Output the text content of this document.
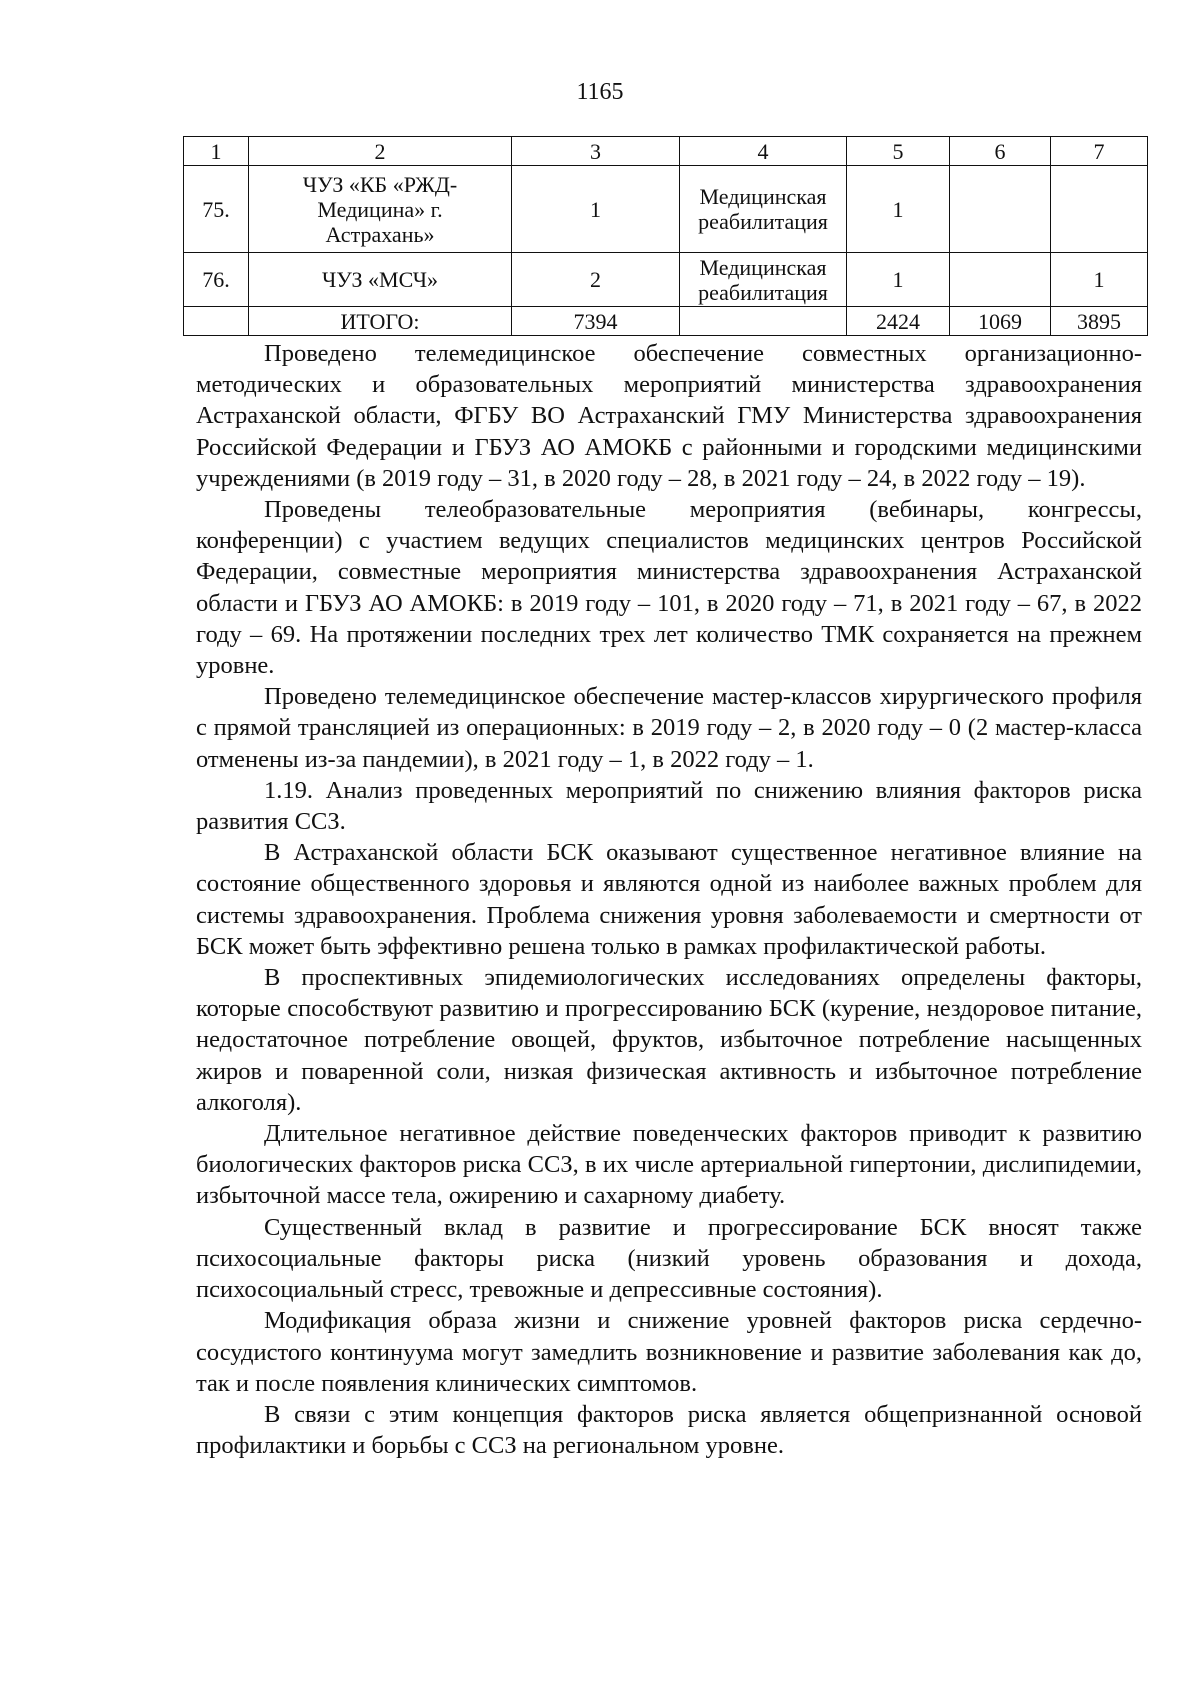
1165
1	2	3	4	5	6	7
75.	ЧУЗ «КБ «РЖД-Медицина» г. Астрахань»	1	Медицинская реабилитация	1		
76.	ЧУЗ «МСЧ»	2	Медицинская реабилитация	1		1
	ИТОГО:	7394		2424	1069	3895

Проведено телемедицинское обеспечение совместных организационно-методических и образовательных мероприятий министерства здравоохранения Астраханской области, ФГБУ ВО Астраханский ГМУ Министерства здравоохранения Российской Федерации и ГБУЗ АО АМОКБ с районными и городскими медицинскими учреждениями (в 2019 году – 31, в 2020 году – 28, в 2021 году – 24, в 2022 году – 19).

Проведены телеобразовательные мероприятия (вебинары, конгрессы, конференции) с участием ведущих специалистов медицинских центров Российской Федерации, совместные мероприятия министерства здравоохранения Астраханской области и ГБУЗ АО АМОКБ: в 2019 году – 101, в 2020 году – 71, в 2021 году – 67, в 2022 году – 69. На протяжении последних трех лет количество ТМК сохраняется на прежнем уровне.

Проведено телемедицинское обеспечение мастер-классов хирургического профиля с прямой трансляцией из операционных: в 2019 году – 2, в 2020 году – 0 (2 мастер-класса отменены из-за пандемии), в 2021 году – 1, в 2022 году – 1.

1.19. Анализ проведенных мероприятий по снижению влияния факторов риска развития ССЗ.

В Астраханской области БСК оказывают существенное негативное влияние на состояние общественного здоровья и являются одной из наиболее важных проблем для системы здравоохранения. Проблема снижения уровня заболеваемости и смертности от БСК может быть эффективно решена только в рамках профилактической работы.

В проспективных эпидемиологических исследованиях определены факторы, которые способствуют развитию и прогрессированию БСК (курение, нездоровое питание, недостаточное потребление овощей, фруктов, избыточное потребление насыщенных жиров и поваренной соли, низкая физическая активность и избыточное потребление алкоголя).

Длительное негативное действие поведенческих факторов приводит к развитию биологических факторов риска ССЗ, в их числе артериальной гипертонии, дислипидемии, избыточной массе тела, ожирению и сахарному диабету.

Существенный вклад в развитие и прогрессирование БСК вносят также психосоциальные факторы риска (низкий уровень образования и дохода, психосоциальный стресс, тревожные и депрессивные состояния).

Модификация образа жизни и снижение уровней факторов риска сердечно-сосудистого континуума могут замедлить возникновение и развитие заболевания как до, так и после появления клинических симптомов.

В связи с этим концепция факторов риска является общепризнанной основой профилактики и борьбы с ССЗ на региональном уровне.
